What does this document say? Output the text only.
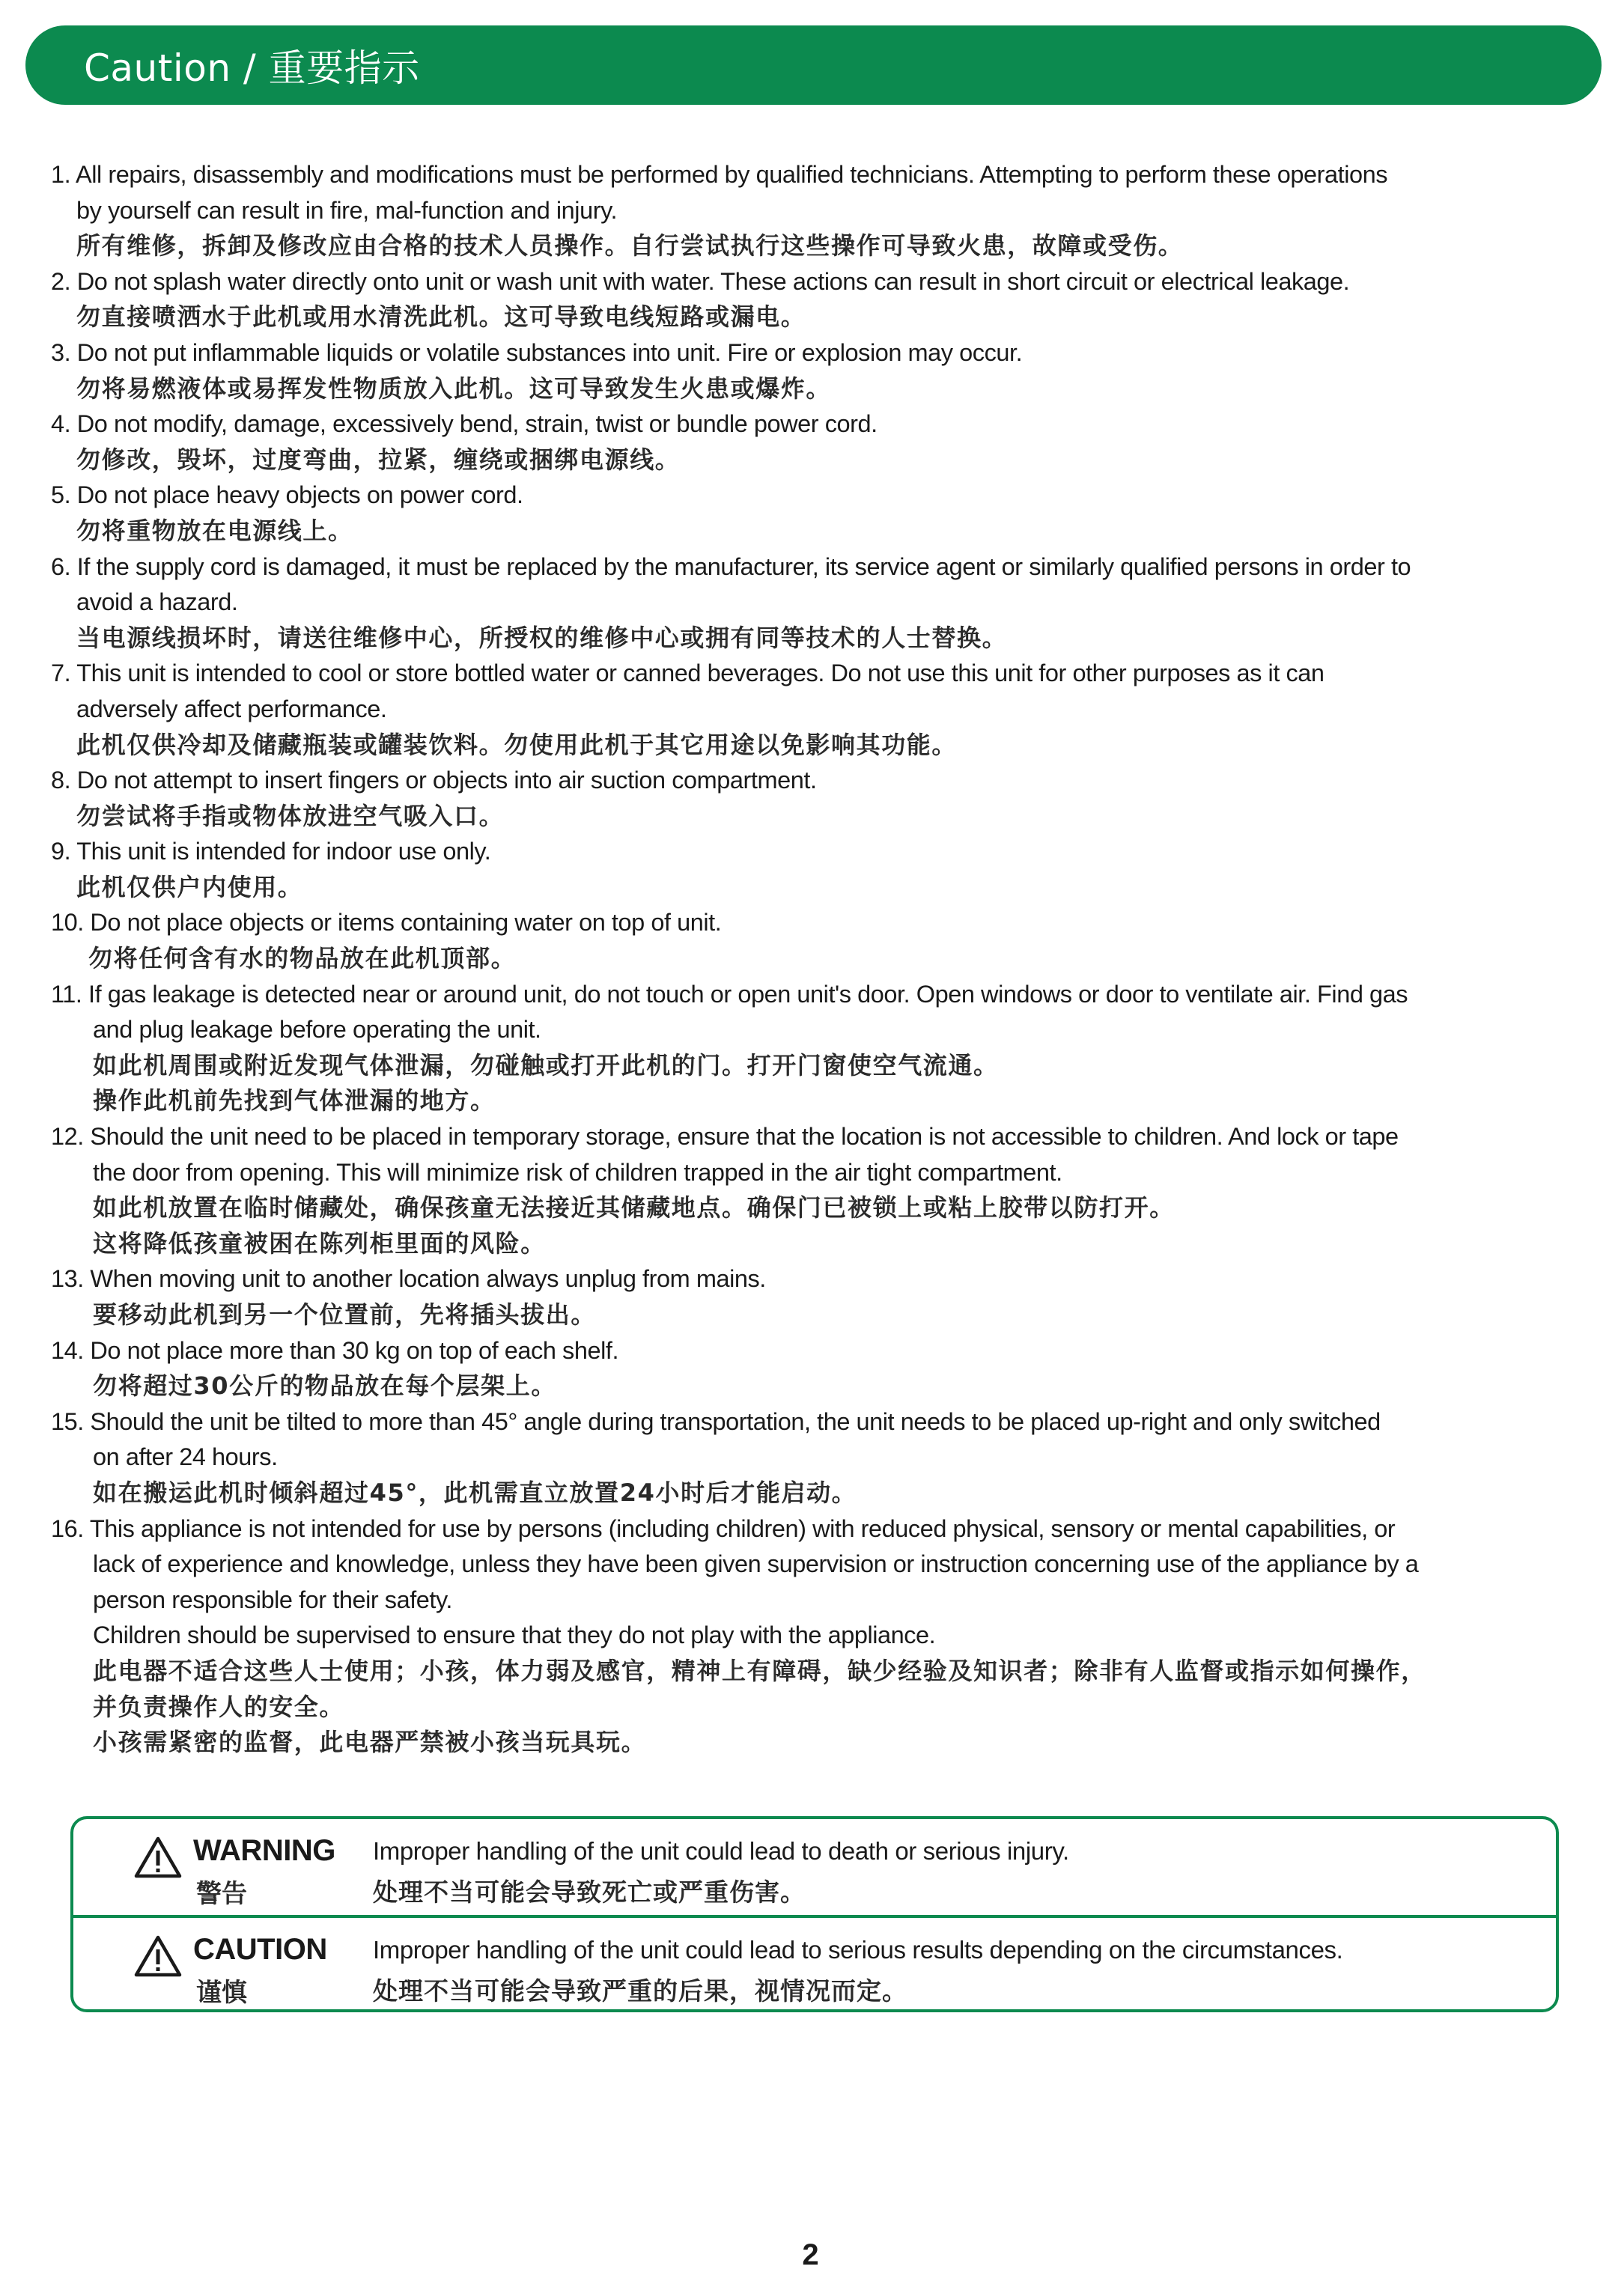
Caution / 重要指示
1. All repairs, disassembly and modifications must be performed by qualified technicians. Attempting to perform these operations
by yourself can result in fire, mal-function and injury.
所有维修，拆卸及修改应由合格的技术人员操作。自行尝试执行这些操作可导致火患，故障或受伤。
2. Do not splash water directly onto unit or wash unit with water. These actions can result in short circuit or electrical leakage.
勿直接喷洒水于此机或用水清洗此机。这可导致电线短路或漏电。
3. Do not put inflammable liquids or volatile substances into unit. Fire or explosion may occur.
勿将易燃液体或易挥发性物质放入此机。这可导致发生火患或爆炸。
4. Do not modify, damage, excessively bend, strain, twist or bundle power cord.
勿修改，毁坏，过度弯曲，拉紧，缠绕或捆绑电源线。
5. Do not place heavy objects on power cord.
勿将重物放在电源线上。
6. If the supply cord is damaged, it must be replaced by the manufacturer, its service agent or similarly qualified persons in order to
avoid a hazard.
当电源线损坏时，请送往维修中心，所授权的维修中心或拥有同等技术的人士替换。
7. This unit is intended to cool or store bottled water or canned beverages. Do not use this unit for other purposes as it can
adversely affect performance.
此机仅供冷却及储藏瓶装或罐装饮料。勿使用此机于其它用途以免影响其功能。
8. Do not attempt to insert fingers or objects into air suction compartment.
勿尝试将手指或物体放进空气吸入口。
9. This unit is intended for indoor use only.
此机仅供户内使用。
10. Do not place objects or items containing water on top of unit.
勿将任何含有水的物品放在此机顶部。
11. If gas leakage is detected near or around unit, do not touch or open unit's door. Open windows or door to ventilate air. Find gas
and plug leakage before operating the unit.
如此机周围或附近发现气体泄漏，勿碰触或打开此机的门。打开门窗使空气流通。
操作此机前先找到气体泄漏的地方。
12. Should the unit need to be placed in temporary storage, ensure that the location is not accessible to children. And lock or tape
the door from opening. This will minimize risk of children trapped in the air tight compartment.
如此机放置在临时储藏处，确保孩童无法接近其储藏地点。确保门已被锁上或粘上胶带以防打开。
这将降低孩童被困在陈列柜里面的风险。
13. When moving unit to another location always unplug from mains.
要移动此机到另一个位置前，先将插头拔出。
14. Do not place more than 30 kg on top of each shelf.
勿将超过30公斤的物品放在每个层架上。
15. Should the unit be tilted to more than 45° angle during transportation, the unit needs to be placed up-right and only switched
on after 24 hours.
如在搬运此机时倾斜超过45°，此机需直立放置24小时后才能启动。
16. This appliance is not intended for use by persons (including children) with reduced physical, sensory or mental capabilities, or
lack of experience and knowledge, unless they have been given supervision or instruction concerning use of the appliance by a
person responsible for their safety.
Children should be supervised to ensure that they do not play with the appliance.
此电器不适合这些人士使用；小孩，体力弱及感官，精神上有障碍，缺少经验及知识者；除非有人监督或指示如何操作，
并负责操作人的安全。
小孩需紧密的监督，此电器严禁被小孩当玩具玩。
WARNING
警告
Improper handling of the unit could lead to death or serious injury.
处理不当可能会导致死亡或严重伤害。
CAUTION
谨慎
Improper handling of the unit could lead to serious results depending on the circumstances.
处理不当可能会导致严重的后果，视情况而定。
2
